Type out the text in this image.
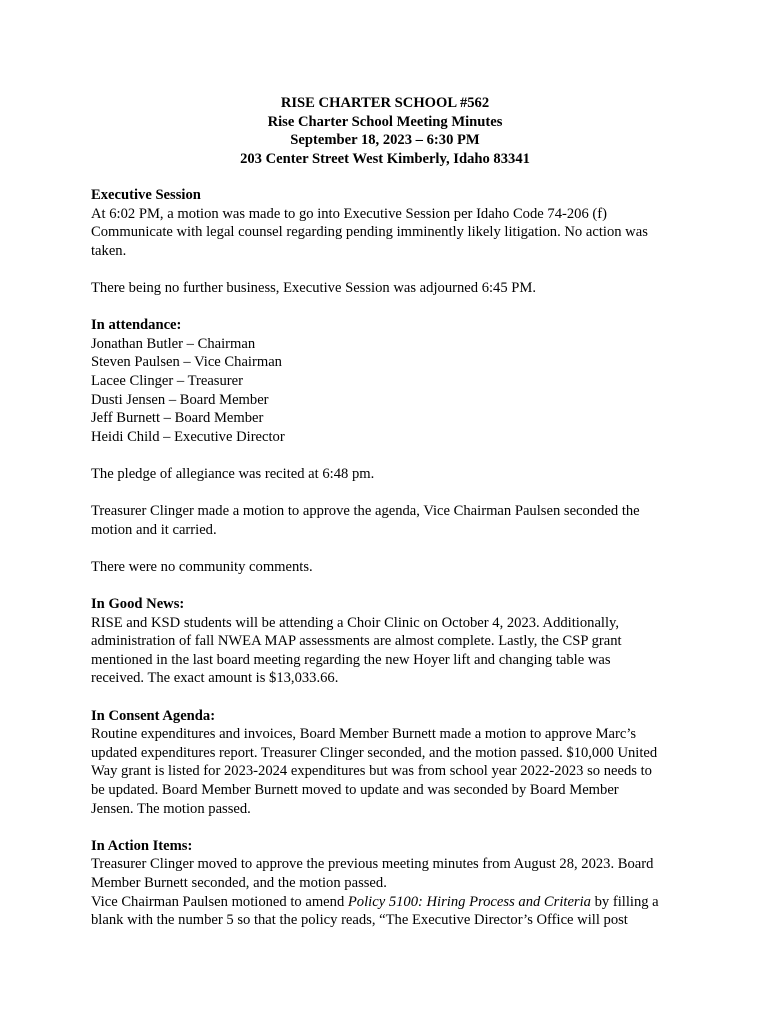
RISE CHARTER SCHOOL #562
Rise Charter School Meeting Minutes
September 18, 2023 – 6:30 PM
203 Center Street West Kimberly, Idaho 83341
Executive Session
At 6:02 PM, a motion was made to go into Executive Session per Idaho Code 74-206 (f)
Communicate with legal counsel regarding pending imminently likely litigation. No action was
taken.
There being no further business, Executive Session was adjourned 6:45 PM.
In attendance:
Jonathan Butler – Chairman
Steven Paulsen – Vice Chairman
Lacee Clinger – Treasurer
Dusti Jensen – Board Member
Jeff Burnett – Board Member
Heidi Child – Executive Director
The pledge of allegiance was recited at 6:48 pm.
Treasurer Clinger made a motion to approve the agenda, Vice Chairman Paulsen seconded the
motion and it carried.
There were no community comments.
In Good News:
RISE and KSD students will be attending a Choir Clinic on October 4, 2023. Additionally,
administration of fall NWEA MAP assessments are almost complete. Lastly, the CSP grant
mentioned in the last board meeting regarding the new Hoyer lift and changing table was
received. The exact amount is $13,033.66.
In Consent Agenda:
Routine expenditures and invoices, Board Member Burnett made a motion to approve Marc’s
updated expenditures report. Treasurer Clinger seconded, and the motion passed. $10,000 United
Way grant is listed for 2023-2024 expenditures but was from school year 2022-2023 so needs to
be updated. Board Member Burnett moved to update and was seconded by Board Member
Jensen. The motion passed.
In Action Items:
Treasurer Clinger moved to approve the previous meeting minutes from August 28, 2023. Board
Member Burnett seconded, and the motion passed.
Vice Chairman Paulsen motioned to amend Policy 5100: Hiring Process and Criteria by filling a
blank with the number 5 so that the policy reads, “The Executive Director’s Office will post
